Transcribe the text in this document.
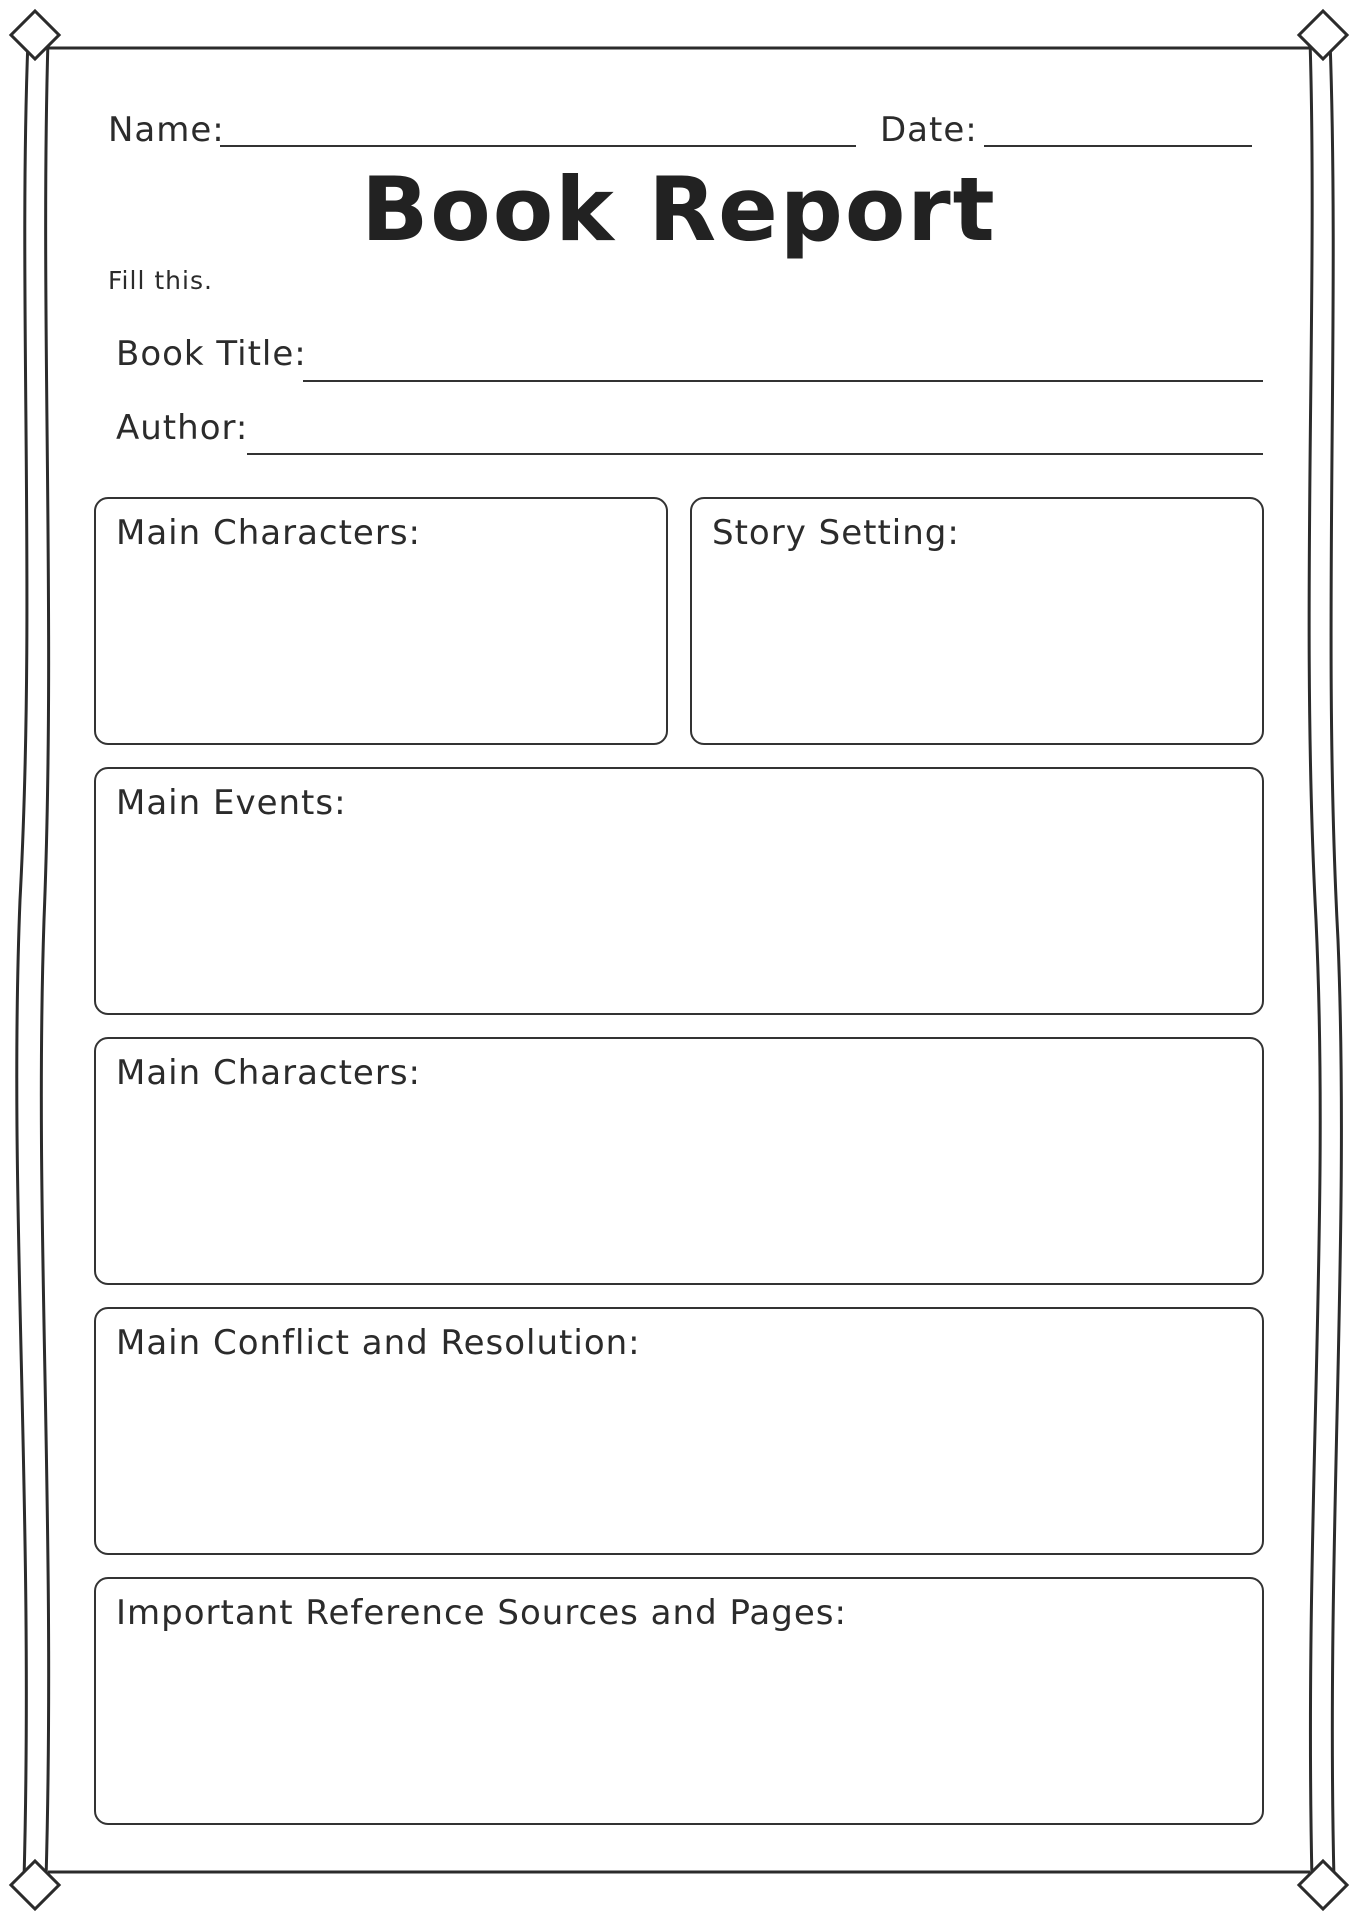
Name:	Date:
Book Report
Fill this.
Book Title:
Author:
Main Characters:	Story Setting:
Main Events:
Main Characters:
Main Conflict and Resolution:
Important Reference Sources and Pages:
